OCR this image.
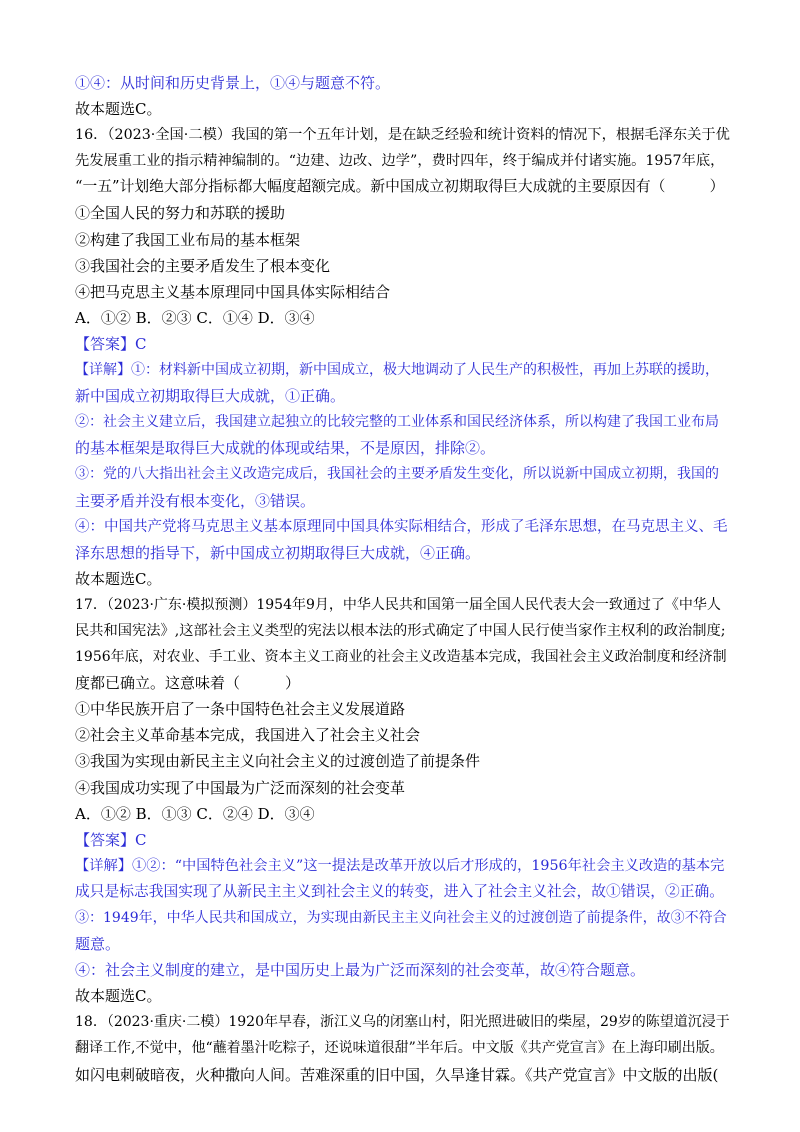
①④：从时间和历史背景上，①④与题意不符。
故本题选C。
16．（2023·全国·二模）我国的第一个五年计划，是在缺乏经验和统计资料的情况下，根据毛泽东关于优
先发展重工业的指示精神编制的。“边建、边改、边学”，费时四年，终于编成并付诸实施。1957年底，
“一五”计划绝大部分指标都大幅度超额完成。新中国成立初期取得巨大成就的主要原因有（　　　）
①全国人民的努力和苏联的援助
②构建了我国工业布局的基本框架
③我国社会的主要矛盾发生了根本变化
④把马克思主义基本原理同中国具体实际相结合
A．①② B．②③ C．①④ D．③④
【答案】C
【详解】①：材料新中国成立初期，新中国成立，极大地调动了人民生产的积极性，再加上苏联的援助，
新中国成立初期取得巨大成就，①正确。
②：社会主义建立后，我国建立起独立的比较完整的工业体系和国民经济体系，所以构建了我国工业布局
的基本框架是取得巨大成就的体现或结果，不是原因，排除②。
③：党的八大指出社会主义改造完成后，我国社会的主要矛盾发生变化，所以说新中国成立初期，我国的
主要矛盾并没有根本变化，③错误。
④：中国共产党将马克思主义基本原理同中国具体实际相结合，形成了毛泽东思想，在马克思主义、毛
泽东思想的指导下，新中国成立初期取得巨大成就，④正确。
故本题选C。
17．（2023·广东·模拟预测）1954年9月，中华人民共和国第一届全国人民代表大会一致通过了《中华人
民共和国宪法》,这部社会主义类型的宪法以根本法的形式确定了中国人民行使当家作主权利的政治制度;
1956年底，对农业、手工业、资本主义工商业的社会主义改造基本完成，我国社会主义政治制度和经济制
度都已确立。这意味着（　　　）
①中华民族开启了一条中国特色社会主义发展道路
②社会主义革命基本完成，我国进入了社会主义社会
③我国为实现由新民主主义向社会主义的过渡创造了前提条件
④我国成功实现了中国最为广泛而深刻的社会变革
A．①② B．①③ C．②④ D．③④
【答案】C
【详解】①②：“中国特色社会主义”这一提法是改革开放以后才形成的，1956年社会主义改造的基本完
成只是标志我国实现了从新民主主义到社会主义的转变，进入了社会主义社会，故①错误，②正确。
③：1949年，中华人民共和国成立，为实现由新民主主义向社会主义的过渡创造了前提条件，故③不符合
题意。
④：社会主义制度的建立，是中国历史上最为广泛而深刻的社会变革，故④符合题意。
故本题选C。
18．（2023·重庆·二模）1920年早春，浙江义乌的闭塞山村，阳光照进破旧的柴屋，29岁的陈望道沉浸于
翻译工作,不觉中，他“蘸着墨汁吃粽子，还说味道很甜”半年后。中文版《共产党宣言》在上海印刷出版。
如闪电刺破暗夜，火种撒向人间。苦难深重的旧中国，久旱逢甘霖。《共产党宣言》中文版的出版(
